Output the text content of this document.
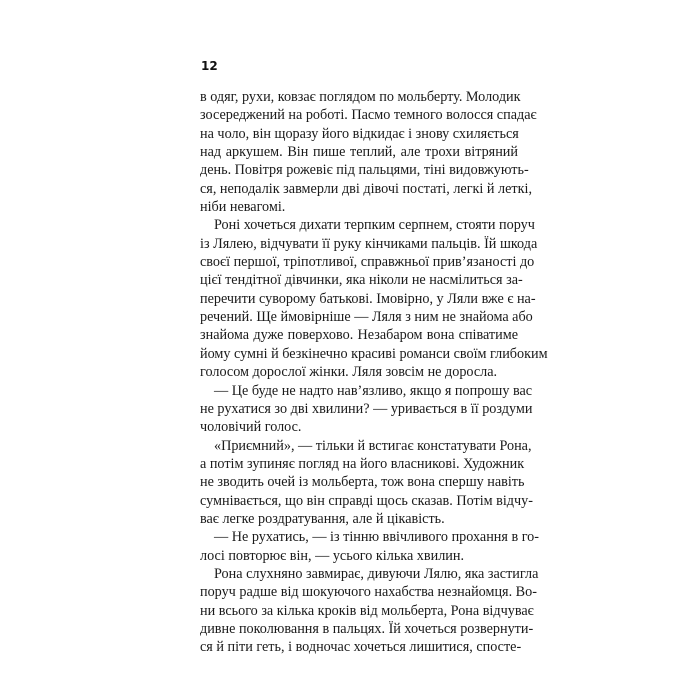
12
в одяг, рухи, ковзає поглядом по мольберту. Молодик
зосереджений на роботі. Пасмо темного волосся спадає
на чоло, він щоразу його відкидає і знову схиляється
над аркушем. Він пише теплий, але трохи вітряний
день. Повітря рожевіє під пальцями, тіні видовжують-
ся, неподалік завмерли дві дівочі постаті, легкі й леткі,
ніби невагомі.
Роні хочеться дихати терпким серпнем, стояти поруч
із Лялею, відчувати її руку кінчиками пальців. Їй шкода
своєї першої, тріпотливої, справжньої прив’язаності до
цієї тендітної дівчинки, яка ніколи не насмілиться за-
перечити суворому батькові. Імовірно, у Ляли вже є на-
речений. Ще ймовірніше — Ляля з ним не знайома або
знайома дуже поверхово. Незабаром вона співатиме
йому сумні й безкінечно красиві романси своїм глибоким
голосом дорослої жінки. Ляля зовсім не доросла.
— Це буде не надто нав’язливо, якщо я попрошу вас
не рухатися зо дві хвилини? — уривається в її роздуми
чоловічий голос.
«Приємний», — тільки й встигає констатувати Рона,
а потім зупиняє погляд на його власникові. Художник
не зводить очей із мольберта, тож вона спершу навіть
сумнівається, що він справді щось сказав. Потім відчу-
ває легке роздратування, але й цікавість.
— Не рухатись, — із тінню ввічливого прохання в го-
лосі повторює він, — усього кілька хвилин.
Рона слухняно завмирає, дивуючи Лялю, яка застигла
поруч радше від шокуючого нахабства незнайомця. Во-
ни всього за кілька кроків від мольберта, Рона відчуває
дивне поколювання в пальцях. Їй хочеться розвернути-
ся й піти геть, і водночас хочеться лишитися, спосте-
